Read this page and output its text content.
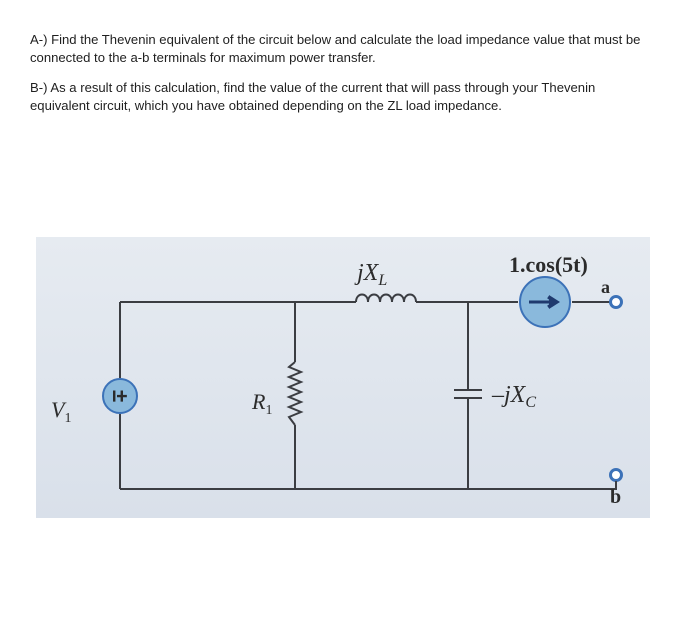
A-) Find the Thevenin equivalent of the circuit below and calculate the load impedance value that must be connected to the a-b terminals for maximum power transfer.

B-) As a result of this calculation, find the value of the current that will pass through your Thevenin equivalent circuit, which you have obtained depending on the ZL load impedance.

±
$jX_L$
1.cos(5t)
a
b
$V_1$
$R_1$
$-jX_C$
